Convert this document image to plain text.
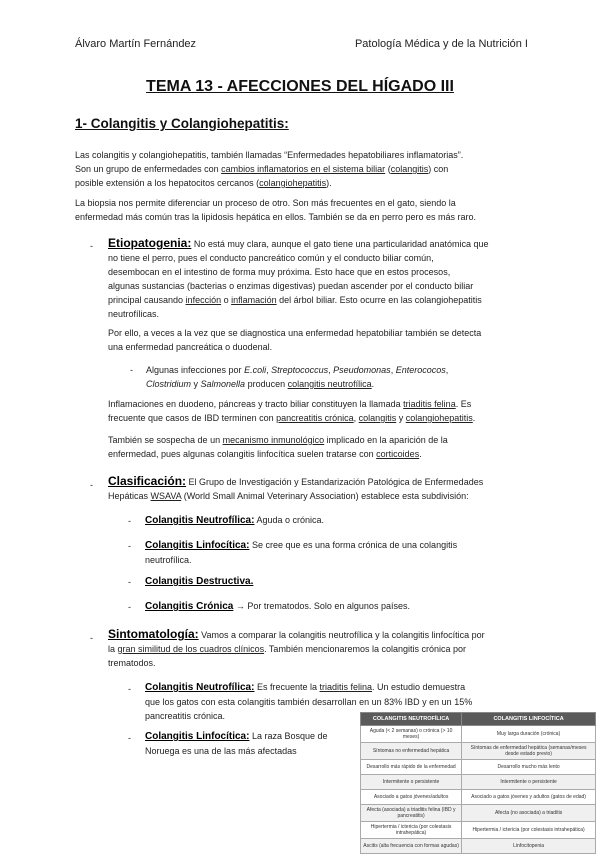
Álvaro Martín Fernández	Patología Médica y de la Nutrición I
TEMA 13 - AFECCIONES DEL HÍGADO III
1- Colangitis y Colangiohepatitis:
Las colangitis y colangiohepatitis, también llamadas “Enfermedades hepatobiliares inflamatorias”.
Son un grupo de enfermedades con cambios inflamatorios en el sistema biliar (colangitis) con
posible extensión a los hepatocitos cercanos (colangiohepatitis).
La biopsia nos permite diferenciar un proceso de otro. Son más frecuentes en el gato, siendo la
enfermedad más común tras la lipidosis hepática en ellos. También se da en perro pero es más raro.
- Etiopatogenia: No está muy clara, aunque el gato tiene una particularidad anatómica que
no tiene el perro, pues el conducto pancreático común y el conducto biliar común,
desembocan en el intestino de forma muy próxima. Esto hace que en estos procesos,
algunas sustancias (bacterias o enzimas digestivas) puedan ascender por el conducto biliar
principal causando infección o inflamación del árbol biliar. Esto ocurre en las colangiohepatitis
neutrofílicas.
Por ello, a veces a la vez que se diagnostica una enfermedad hepatobiliar también se detecta
una enfermedad pancreática o duodenal.
- Algunas infecciones por E.coli, Streptococcus, Pseudomonas, Enterococos,
Clostridium y Salmonella producen colangitis neutrofílica.
Inflamaciones en duodeno, páncreas y tracto biliar constituyen la llamada triaditis felina. Es
frecuente que casos de IBD terminen con pancreatitis crónica, colangitis y colangiohepatitis.
También se sospecha de un mecanismo inmunológico implicado en la aparición de la
enfermedad, pues algunas colangitis linfocítica suelen tratarse con corticoides.
- Clasificación: El Grupo de Investigación y Estandarización Patológica de Enfermedades
Hepáticas WSAVA (World Small Animal Veterinary Association) establece esta subdivisión:
- Colangitis Neutrofílica: Aguda o crónica.
- Colangitis Linfocítica: Se cree que es una forma crónica de una colangitis
neutrofílica.
- Colangitis Destructiva.
- Colangitis Crónica → Por trematodos. Solo en algunos países.
- Sintomatología: Vamos a comparar la colangitis neutrofílica y la colangitis linfocítica por
la gran similitud de los cuadros clínicos. También mencionaremos la colangitis crónica por
trematodos.
- Colangitis Neutrofílica: Es frecuente la triaditis felina. Un estudio demuestra
que los gatos con esta colangitis también desarrollan en un 83% IBD y en un 15%
pancreatitis crónica.
- Colangitis Linfocítica: La raza Bosque de
Noruega es una de las más afectadas
COLANGITIS NEUTROFÍLICA	COLANGITIS LINFOCÍTICA
Aguda (< 2 semanas) o crónica (> 10 meses)	Muy larga duración (crónica)
Síntomas no enfermedad hepática	Síntomas de enfermedad hepática (semanas/meses desde estado previo)
Desarrollo más rápido de la enfermedad	Desarrollo mucho más lento
Intermitente o persistente	Intermitente o persistente
Asociado a gatos jóvenes/adultos	Asociado a gatos jóvenes y adultos (gatos de edad)
Afecta (asociada) a triaditis felina (IBD y pancreatitis)	Afecta (no asociada) a triaditis
Hipertermia / ictericia (por colestasis intrahepática)	Hipertermia / ictericia (por colestasis intrahepática)
Ascitis (alta frecuencia con formas agudas)	Linfocitopenia
